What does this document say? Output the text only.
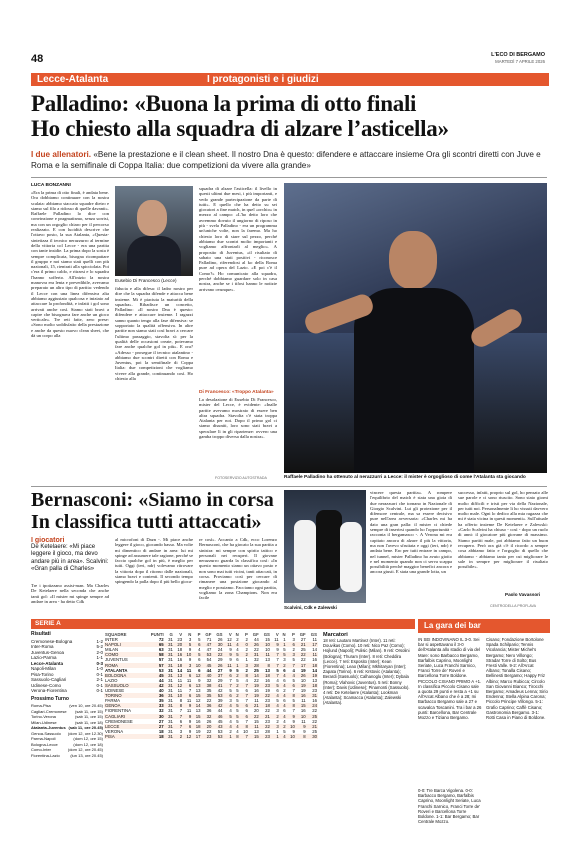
48	L'ECO DI BERGAMO
MARTEDÌ 7 APRILE 2026
Lecce-Atalanta	I protagonisti e i giudizi
Palladino: «Buona la prima di otto finali
Ho chiesto alla squadra di alzare l’asticella»
I due allenatori. «Bene la prestazione e il clean sheet. Il nostro Dna è questo: difendere e attaccare insieme Ora gli scontri diretti con Juve e Roma e la semifinale di Coppa Italia: due competizioni da vivere alla grande»
LUCA BONZANNI
«Era la prima di otto finali, è andata bene. Ora dobbiamo continuare con la nostra scalata: abbiamo staccato squadre dietro e siamo sul filo a ridosso di quelle davanti». Raffaele Palladino lo dice con convinzione e pragmatismo, senza sorrisi, ma con un orgoglio chiaro per il percorso realizzato. E con lucidità descrive che l'ottavo posto, la sua Atalanta, «Questa-sintetizza il tecnico nerazzurro al termine della vittoria col Lecce - era una partita con tante insidie. La prima dopo la sosta è sempre complicata, bisogna ricompattare il gruppo e noi siamo stati quelli con più nazionali, 15, rientrati alla spicciolata. Poi c'era il primo caldo, e ritrarsi e lo squadra l'hanno sofferto. All'inizio la nostra manovra era lenta e prevedibile, avevamo preparato un altro tipo di partita: vedendo il Lecce con una linea difensiva alta abbiamo aggiustato qualcosa e iniziato ad attaccare la profondità, e infatti i gol sono arrivati anche così. Siamo stati bravi a capire che bisognava fare anche un gioco verticale». Tre reti fatte, zero prese: «Sono molto soddisfatto della prestazione e anche da questo nuovo clean sheet, che dà un corpo alla
Eusebio Di Francesco (Lecce)
fiducia e alla difesa: il ladro nostro per dire che la squadra difende e attacca bene insieme. Mi è piaciuta la maturità della squadra». Ribadisce un concetto, Palladino: «Il nostro Dna è questo: difendere e attaccare insieme. I ragazzi sanno quanto tengo alla fase difensiva: se sopportato la qualità offensiva. In altre partite non siamo stati così bravi a cercare l'ultimo passaggio, stavolta sì: per la qualità delle occasioni create, potevamo fare anche qualche gol in più». E ora? «Adesso - prosegue il tecnico atalantino - abbiamo due scontri diretti con Roma e Juventus, poi la semifinale di Coppa Italia: due competizioni che vogliamo vivere alla grande, continuando così. Ho chiesto alla
squadra di alzare l'asticella: il livello in questi ultimi due mesi, i più importanti, e vedo grande partecipazione da parte di tutti». E quello che ha detto su sei giocatori a fine match, in quel «orchio» in mezzo al campo: «L'ho detto loro che avremmo dovuto il ungiorno di riposo in più - svela Palladino - era un programma un'uniche volte, non la faremo. Ma ho chiesto loro di stare sul pezzo, perché abbiamo due scontri molto importanti e vogliamo affrontarli al meglio». A proposito di Juventus, «il risultato di sabato una stati positivi - riconosce Palladino, riferendosi al ko della Roma pure ad opera del Lazio. «E poi c'è il Como?» Ho comunicato alla squadra, perché dobbiamo guardare solo in casa nostra, anche se i tifosi hanno le notizie arrivano ovunque».
Di Francesco: «Troppo Atalanta»
La desolazione di Eusebio Di Francesco, mister del Lecce, è evidente: «Inalle partite avevamo mostrato di essere ben altra squadra. Stavolta c'è stata troppa Atalanta per noi. Dopo il primo gol ci siamo disuniti, loro sono stati bravi a speculare lì in gli ripartenze: ovvero una gamba troppo diversa dalla nostra».
FOTOSERVIZIO AUTOSTRADA	Raffaele Palladino ha ottenuto al nerazzurri a Lecce: il mister è orgoglioso di come l'Atalanta sta giocando
Bernasconi: «Siamo in corsa
In classifica tutti attaccati»
I giocatori
De Ketelaere: «Mi piace leggere il gioco, ma devo andare più in area». Scalvini: «Gran palla di Charles»
Tre i ipotizzano assist-man. Ma Charles De Ketelaere nella seconda che anche tanti gol: «Il mister mi spinge sempre ad andare in area - ha detto Cdk
al microfoni di Dazn -. Mi piace anche leggere il gioco, giocando basso. Ma volte mi dimentico di andare in area: lui mi spinge ad assumere tale ragione, perché se faccio qualche gol in più, è meglio per tutti. Oggi (ieri, ndr) volevamo ritrovare la vittoria dopo il ritorno dalle nazionali, siamo bravi e contenti. Il secondo tempo spingendo la palla dopo il più bello gioca-
re così». Accanto a Cdk, ecco Lorenzo Bernasconi, che ha giocato la sua partita a sinistra: mi sempre con spirito tattico e personali nei recuperi. Il giovane nerazzurro guarda la classifica così: «In questo momento siamo un ottavo posto e non sono mai tutti vicini, tanti attaccati, in corsa. Proviamo così per cercare di rimanere una posizione giocando al meglio e possiamo. Facciamo ogni partita, vogliamo la zona Champions. Non era facile
Scalvini, Cdk e Zalewski
vincere questa partita». A rompere l'equilibrio del match è stata una gioia di due nerazzurri che tornano in Nazionale di Giorgio Scalvini. Lui gli protezione per il difensore centrale, ma sa essere decisivo pure nell'area avversaria: «Charles mi ha dato una gran palla: il mister ci chiede sempre di inserirsi quando ho l'opportunità - racconta il bergamasco -. A Verona mi era capitato ancora di alzare il più la vittoria, ma non l'avevo sfruttata e oggi (ieri, ndr) è andata bene. Ero per tutti entrare in campo, nel tunnel, mister Palladino ha avuto gioito e nel momento quando non ci serva scappa possibilità perché maggior benefici ancora e ancora giusti. E stata una grande lotta, un
successo, infatti, proprio sul gol, ho pensato alle sue parole e ci sono riuscito. Sono stato giorni molto difficili e tristi per via della Nazionale, per tutti noi. Personalmente li ho vissuti davvero molto male. Ogni lo dedico alla mia ragazza che mi è stata vicina in questi momenti». Sull'attuale ha offerto insieme De Ketelaere e Zalewski: «Carlo Scalvini ha chiuso - così - dopo un ruolo di anni: il giocatore più giovane di massimo. Siamo partiti male, poi abbiamo fatto un buon recupero. Però ora già c'è il ricordo a sempre cosa abbiamo fatto e l'orgoglio di quello che abbiamo - abbiamo tanto per cui migliorare le sale in sempre per migliorare il risultato possibile».
Paolo Vavassori
CENTRODELLA PROFLAVA
SERIE A
Risultati
Cremonese-Bologna	1-2
Inter-Roma	5-2
Juventus-Genoa	2-0
Lazio-Parma	1-1
Lecce-Atalanta	0-3
Napoli-Milan	1-0
Pisa-Torino	0-1
Sassuolo-Cagliari	2-1
Udinese-Como	0-1
Verona-Fiorentina	0-1
Prossimo Turno
Roma-Pisa	(ven 10, ore 20.45)
Cagliari-Cremonese (sab 11, ore 15)
Torino-Verona	(sab 11, ore 15)
Milan-Udinese	(sab 11, ore 18)
Atalanta-Juventus (sab 11, ore 20.45)
Genoa-Sassuolo (dom 12, ore 12.30)
Parma-Napoli	(dom 12, ore 15)
Bologna-Lecce	(dom 12, ore 18)
Como-Inter	(dom 12, ore 20.45)
Fiorentina-Lazio	(lun 13, ore 20.45)
SQUADRE	PUNTI	G	V	N	P	GF	GS	V	N	P	GF	GS	V	N	P	GF	GS
INTER	72	31	23	3	5	71	26	12	2	2	44	15	11	1	3	27	11
NAPOLI	65	31	20	5	6	47	30	11	4	0	26	10	9	1	6	21	17
MILAN	63	31	18	9	4	47	24	9	4	2	22	10	9	5	2	25	14
COMO	58	31	16	10	5	53	22	9	5	2	31	11	7	5	3	22	11
JUVENTUS	57	31	16	9	6	54	29	9	6	1	32	13	7	3	5	22	16
ROMA	57	31	18	3	10	45	26	11	1	3	28	8	7	2	7	17	18
ATALANTA	53	31	14	11	6	44	27	9	5	2	25	13	5	6	4	19	14
BOLOGNA	45	31	13	6	12	40	37	6	2	8	14	18	7	4	4	26	19
LAZIO	44	31	11	11	9	32	29	7	5	4	22	16	4	6	5	10	13
SASSUOLO	42	31	12	6	13	38	41	7	2	7	19	23	5	4	6	19	18
UDINESE	40	31	11	7	13	35	42	5	5	6	16	19	6	2	7	19	23
TORINO	36	31	10	6	15	35	53	6	2	7	19	22	4	4	8	16	31
PARMA	35	31	8	11	12	22	39	3	5	7	11	23	5	6	5	11	16
GENOA	33	31	8	9	14	36	42	4	5	6	21	18	4	4	8	15	24
FIORENTINA	32	31	7	11	13	36	44	4	5	6	20	22	3	6	7	16	22
CAGLIARI	30	31	7	9	15	32	46	5	5	6	22	21	2	4	9	10	25
CREMONESE	27	31	6	9	16	26	45	4	5	7	15	23	2	4	9	11	22
LECCE	27	31	7	6	18	20	43	4	4	8	11	22	3	2	10	9	21
VERONA	18	31	3	9	19	22	53	2	4	10	13	28	1	5	9	9	25
PISA	18	31	2	12	17	23	53	1	8	7	15	23	1	4	10	8	30
Marcatori
18 reti: Lautaro Martinez (Inter). 11 reti: Douvikas (Como). 10 reti: Nico Paz (Como); Hojlund (Napoli); Pulisic (Milan). 9 reti: Orsolini (Bologna); Thuram (Inter). 8 reti: Cheddira (Lecce). 7 reti: Esposito (Inter); Kean (Fiorentina); Leao (Milan); Mkhitaryan (Inter); Zapata (Torino). 6 reti: Krstovic (Atalanta); Berardi (Sassuolo); Calhanoglu (Inter); Dybala (Roma); Vlahovic (Juventus). 5 reti: Bonny (Inter); Davis (Udinese); Pinamonti (Sassuolo). 4 reti: De Ketelaere (Atalanta); Lookman (Atalanta); Scamacca (Atalanta); Zalewski (Atalanta).
La gara dei bar
IN SEI INDOVINANO IL 3-0. Sei bar si aspettavano il 3-0 dell'Atalanta allo stadio di via del Mare: sono Barbacco Bergamo, Barfalbis Caprino, Moonlight Seriate, Luca Franchi Sarnico, Franci Torre de' Roveri e Barcellona Torre Boldone. PICCOLO CISANO PRIMO A +1. In classifica Piccolo Cisano sale a quota 29 punti e resta a +1 su All'Arcat Albano che è a 28; mi Barbacco Bergamo sale a 27 e scavalca Toscanini. Tra i bar a 26 punti: Barcellona, Bar Centrale Mozzo e Tiziano Bergamo.
0-0: Tre Barca Vigolena. 0-0: Barbacco Bergamo, Barfalbis Caprino, Moonlight Seriate, Luca Franchi Sarnico, Franci Torre de' Roveri e Barcellona Torre Boldone. 1-1: Bar Bergamo; Bar Centrale Mozzo.
Cisano; Fondazione Bortolone Spada Schilpario; Tennis Vicolancia; Mister Michel's Bergamo; Nero Villongo; Stradar Torre di Solto; Bus Fresti Valle. 9-2: All'Arcat Albano; Tonalla Cisano; Bellinesti Bergamo; Happy Friz Albino; Marco Rubicca; Circolo San Giovanni Bianco; Tirocchi Bergamo; Amadeus Lenna; Sirio Endenna; Stella Alpina Carona; Piccolo Principe Villongo. 5-1: Grafio Caprino; Caffè Cisano; Gastronomia Bergamo. 3-1: Rotti Casa in Piano di Boldone.
